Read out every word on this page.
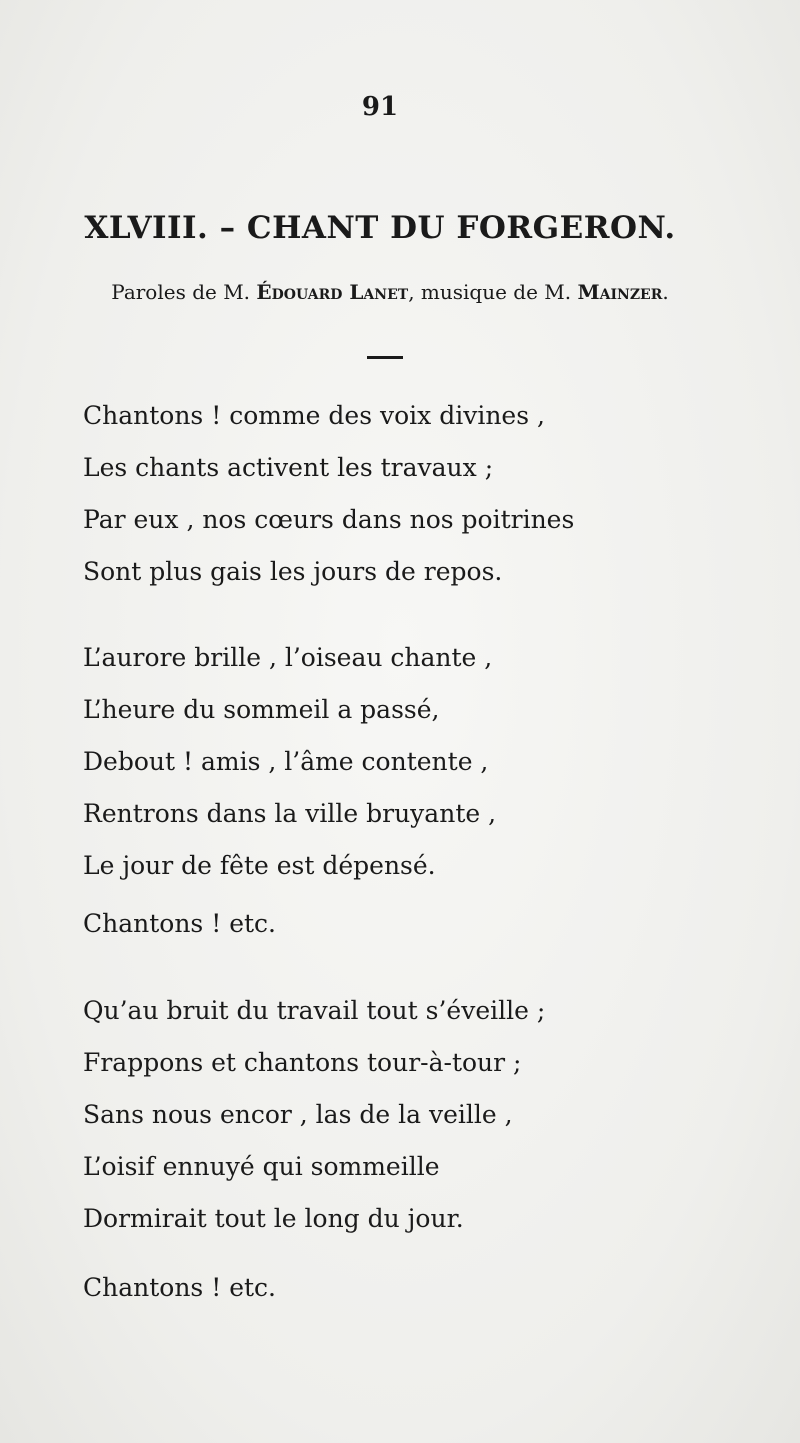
91
XLVIII. – CHANT DU FORGERON.
Paroles de M. Édouard Lanet, musique de M. Mainzer.
Chantons ! comme des voix divines ,
Les chants activent les travaux ;
Par eux , nos cœurs dans nos poitrines
Sont plus gais les jours de repos.
L’aurore brille , l’oiseau chante ,
L’heure du sommeil a passé,
Debout ! amis , l’âme contente ,
Rentrons dans la ville bruyante ,
Le jour de fête est dépensé.
Chantons ! etc.
Qu’au bruit du travail tout s’éveille ;
Frappons et chantons tour-à-tour ;
Sans nous encor , las de la veille ,
L’oisif ennuyé qui sommeille
Dormirait tout le long du jour.
Chantons ! etc.
